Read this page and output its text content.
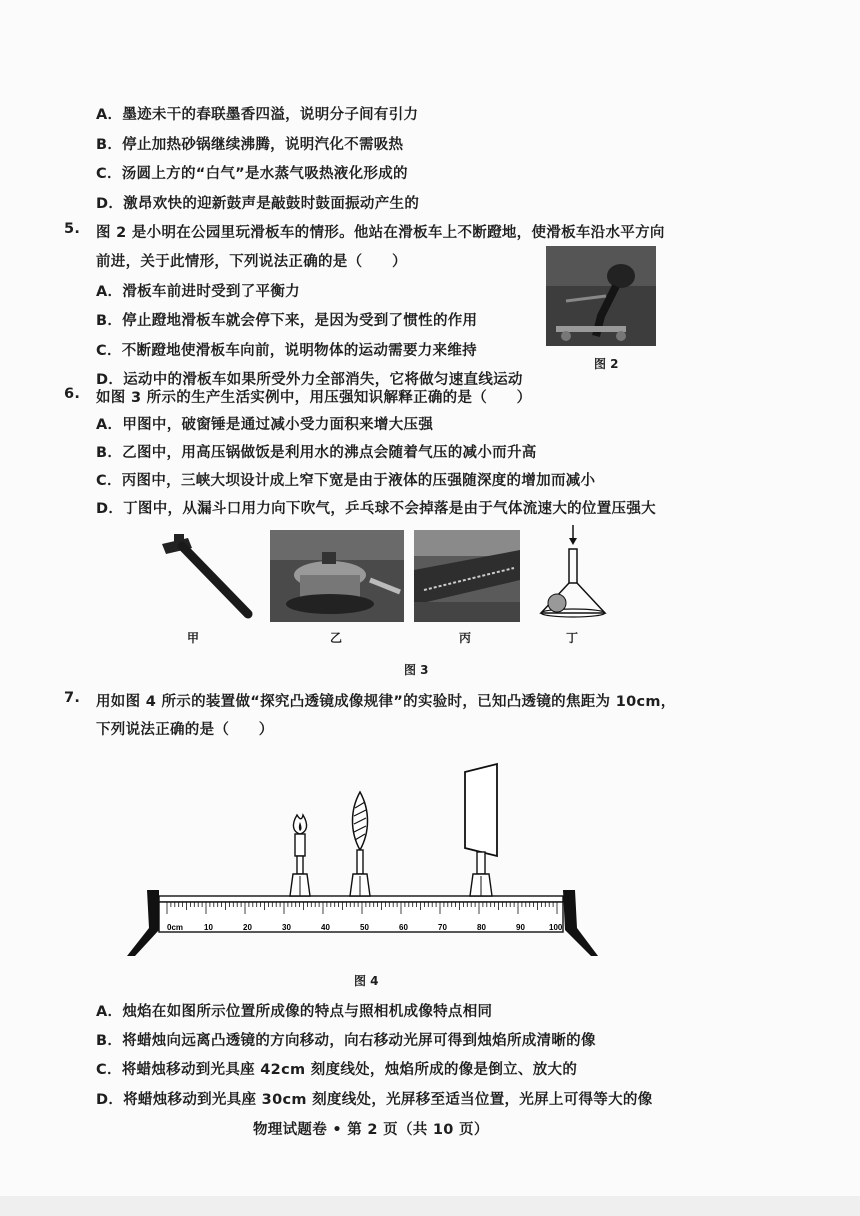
A．墨迹未干的春联墨香四溢，说明分子间有引力
B．停止加热砂锅继续沸腾，说明汽化不需吸热
C．汤圆上方的“白气”是水蒸气吸热液化形成的
D．激昂欢快的迎新鼓声是敲鼓时鼓面振动产生的
5. 图 2 是小明在公园里玩滑板车的情形。他站在滑板车上不断蹬地，使滑板车沿水平方向
前进，关于此情形，下列说法正确的是（　　）
A．滑板车前进时受到了平衡力
B．停止蹬地滑板车就会停下来，是因为受到了惯性的作用
C．不断蹬地使滑板车向前，说明物体的运动需要力来维持
D．运动中的滑板车如果所受外力全部消失，它将做匀速直线运动
图 2
6. 如图 3 所示的生产生活实例中，用压强知识解释正确的是（　　）
A．甲图中，破窗锤是通过减小受力面积来增大压强
B．乙图中，用高压锅做饭是利用水的沸点会随着气压的减小而升高
C．丙图中，三峡大坝设计成上窄下宽是由于液体的压强随深度的增加而减小
D．丁图中，从漏斗口用力向下吹气，乒乓球不会掉落是由于气体流速大的位置压强大
甲	乙	丙	丁
图 3
7. 用如图 4 所示的装置做“探究凸透镜成像规律”的实验时，已知凸透镜的焦距为 10cm，
下列说法正确的是（　　）
0cm	10	20	30	40	50	60	70	80	90	100
图 4
A．烛焰在如图所示位置所成像的特点与照相机成像特点相同
B．将蜡烛向远离凸透镜的方向移动，向右移动光屏可得到烛焰所成清晰的像
C．将蜡烛移动到光具座 42cm 刻度线处，烛焰所成的像是倒立、放大的
D．将蜡烛移动到光具座 30cm 刻度线处，光屏移至适当位置，光屏上可得等大的像
物理试题卷 • 第 2 页（共 10 页）
